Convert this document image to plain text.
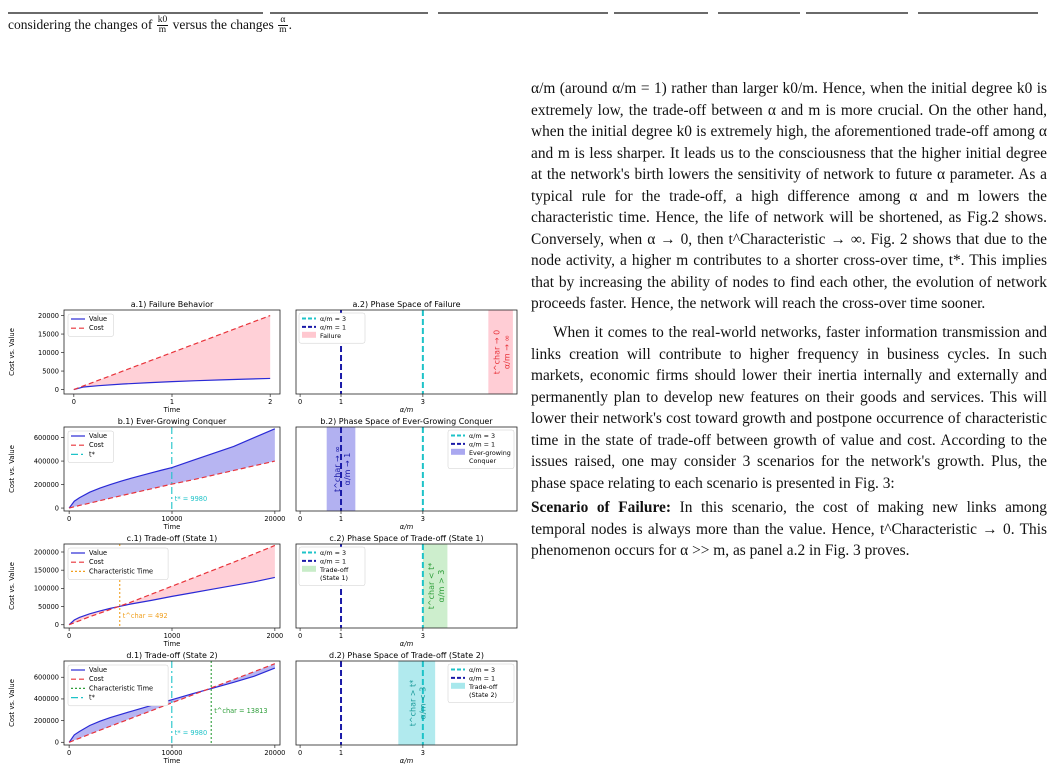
considering the changes of $\frac{k0}{m}$ versus the changes $\frac{\alpha}{m}$ .
a.1) Failure Behavior
0	1	2
0
5000
10000
15000
20000
Time
Cost vs. Value
Value
Cost
a.2) Phase Space of Failure
t^char → 0 α/m → ∞
0	1	3
α/m
α/m = 3
α/m = 1
Failure
b.1) Ever-Growing Conquer
t* = 9980
0	10000	20000
0
200000
400000
600000
Time
Cost vs. Value
Value
Cost
t*
b.2) Phase Space of Ever-Growing Conquer
t^char → ∞ α/m → 1
0	1	3
α/m
α/m = 3
α/m = 1
Ever-growing
Conquer
c.1) Trade-off (State 1)
t^char = 492
0	1000	2000
0
50000
100000
150000
200000
Time
Cost vs. Value
Value
Cost
Characteristic Time
c.2) Phase Space of Trade-off (State 1)
t^char < t* α/m > 3
0	1	3
α/m
α/m = 3
α/m = 1
Trade-off
(State 1)
d.1) Trade-off (State 2)
t^char = 13813
t* = 9980
0	10000	20000
0
200000
400000
600000
Time
Cost vs. Value
Value
Cost
Characteristic Time
t*
d.2) Phase Space of Trade-off (State 2)
t^char > t* α/m < 3
0	1	3
α/m
α/m = 3
α/m = 1
Trade-off
(State 2)

α/m (around α/m = 1) rather than larger k0/m. Hence, when the initial degree k0 is extremely low, the trade-off between α and m is more crucial. On the other hand, when the initial degree k0 is extremely high, the aforementioned trade-off among α and m is less sharper. It leads us to the consciousness that the higher initial degree at the network's birth lowers the sensitivity of network to future α parameter. As a typical rule for the trade-off, a high difference among α and m lowers the characteristic time. Hence, the life of network will be shortened, as Fig.2 shows. Conversely, when α → 0, then t^Characteristic → ∞. Fig. 2 shows that due to the node activity, a higher m contributes to a shorter cross-over time, t*. This implies that by increasing the ability of nodes to find each other, the evolution of network proceeds faster. Hence, the network will reach the cross-over time sooner.

When it comes to the real-world networks, faster information transmission and links creation will contribute to higher frequency in business cycles. In such markets, economic firms should lower their inertia internally and externally and permanently plan to develop new features on their goods and services. This will lower their network's cost toward growth and postpone occurrence of characteristic time in the state of trade-off between growth of value and cost. According to the issues raised, one may consider 3 scenarios for the network's growth. Plus, the phase space relating to each scenario is presented in Fig. 3:

Scenario of Failure: In this scenario, the cost of making new links among temporal nodes is always more than the value. Hence, t^Characteristic → 0. This phenomenon occurs for α >> m, as panel a.2 in Fig. 3 proves.
